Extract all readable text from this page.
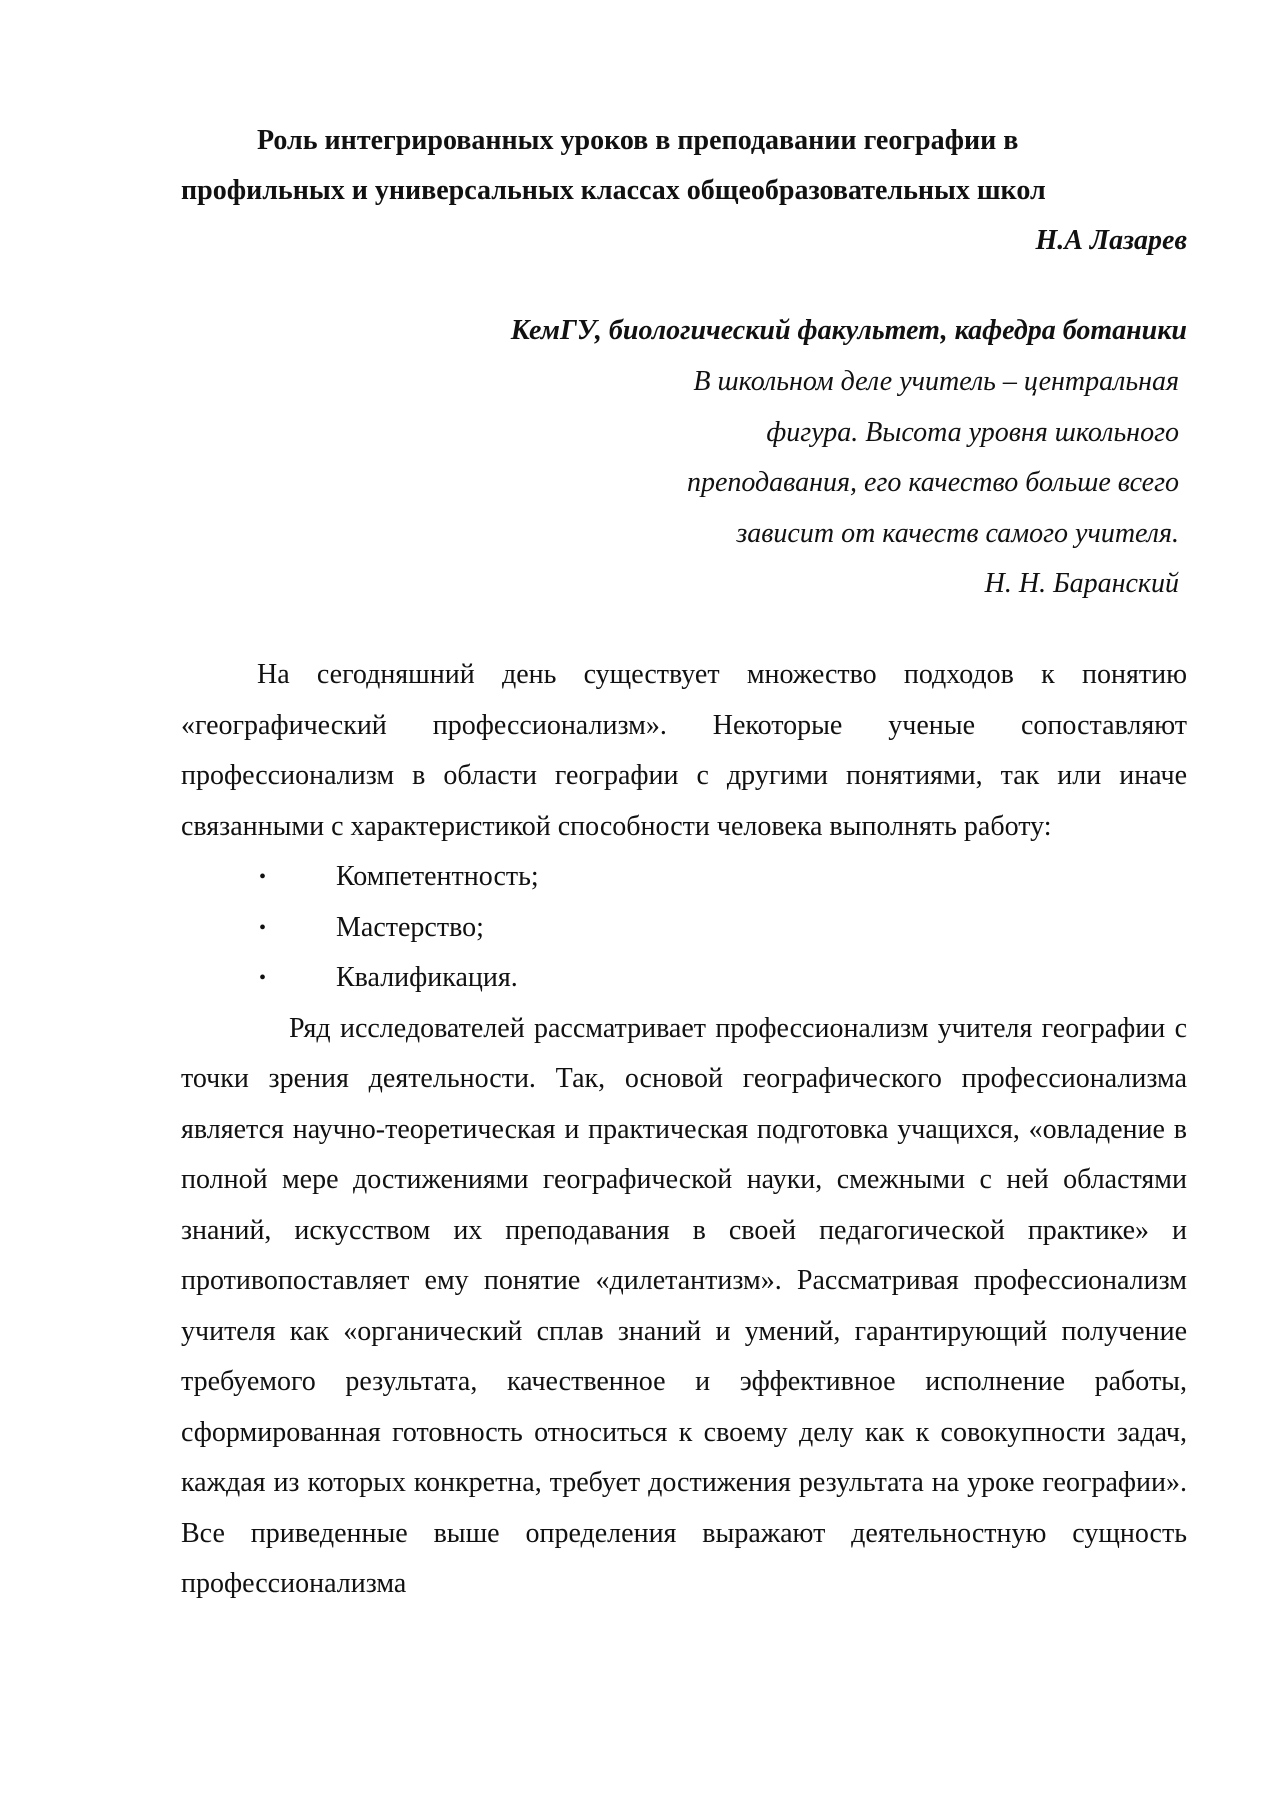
Роль интегрированных уроков в преподавании географии в
профильных и универсальных классах общеобразовательных школ
Н.А Лазарев
КемГУ, биологический факультет, кафедра ботаники
В школьном деле учитель – центральная
фигура. Высота уровня школьного
преподавания, его качество больше всего
зависит от качеств самого учителя.
Н. Н. Баранский

На сегодняшний день существует множество подходов к понятию «географический профессионализм». Некоторые ученые сопоставляют профессионализм в области географии с другими понятиями, так или иначе связанными с характеристикой способности человека выполнять работу:

• Компетентность;
• Мастерство;
• Квалификация.

Ряд исследователей рассматривает профессионализм учителя географии с точки зрения деятельности. Так, основой географического профессионализма является научно-теоретическая и практическая подготовка учащихся, «овладение в полной мере достижениями географической науки, смежными с ней областями знаний, искусством их преподавания в своей педагогической практике» и противопоставляет ему понятие «дилетантизм». Рассматривая профессионализм учителя как «органический сплав знаний и умений, гарантирующий получение требуемого результата, качественное и эффективное исполнение работы, сформированная готовность относиться к своему делу как к совокупности задач, каждая из которых конкретна, требует достижения результата на уроке географии». Все приведенные выше определения выражают деятельностную сущность профессионализма
